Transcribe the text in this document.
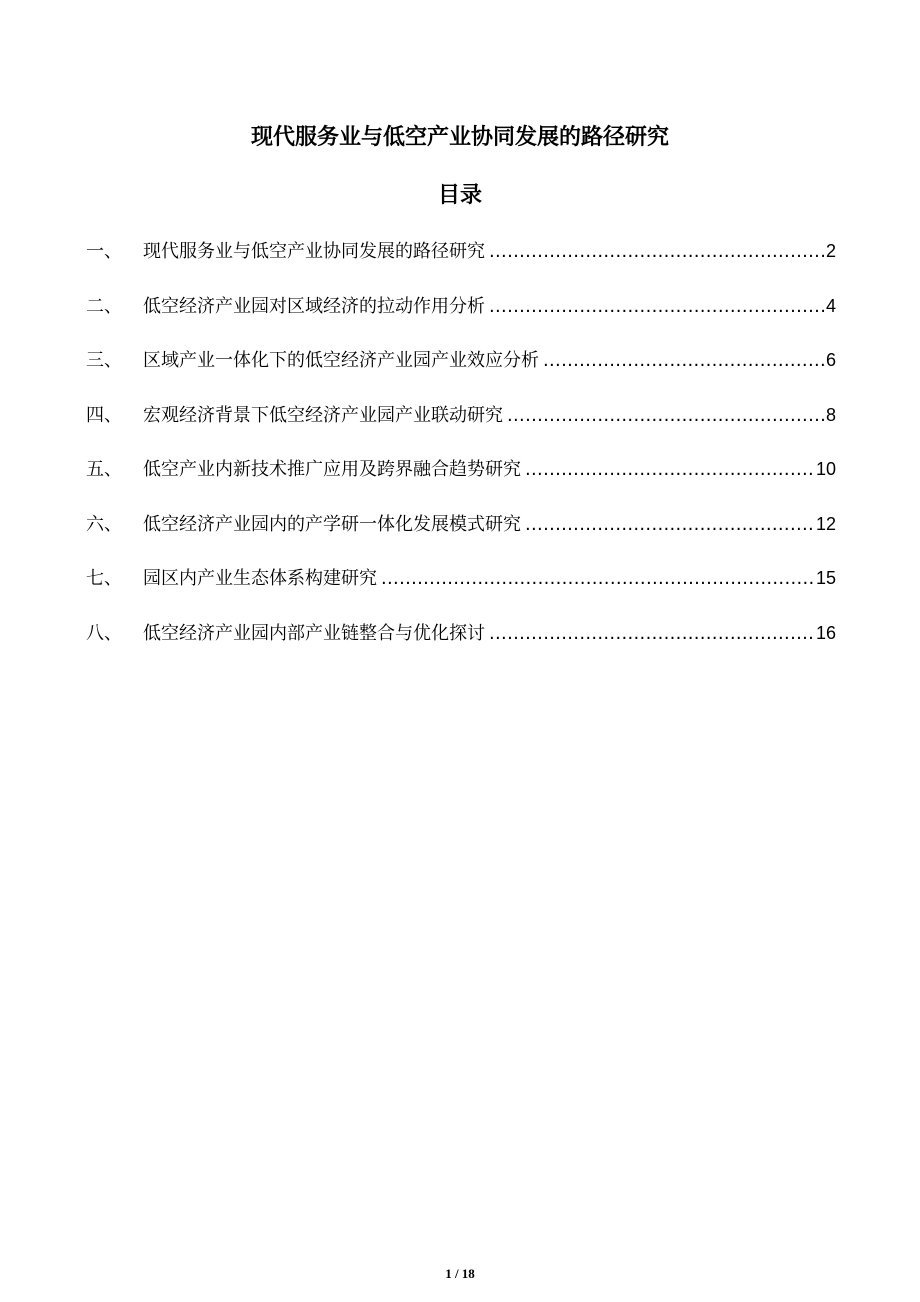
现代服务业与低空产业协同发展的路径研究
目录
一、	现代服务业与低空产业协同发展的路径研究 .....	2
二、	低空经济产业园对区域经济的拉动作用分析 .....	4
三、	区域产业一体化下的低空经济产业园产业效应分析 .....	6
四、	宏观经济背景下低空经济产业园产业联动研究 .....	8
五、	低空产业内新技术推广应用及跨界融合趋势研究 .....	10
六、	低空经济产业园内的产学研一体化发展模式研究 .....	12
七、	园区内产业生态体系构建研究 .....	15
八、	低空经济产业园内部产业链整合与优化探讨 .....	16
1 / 18
